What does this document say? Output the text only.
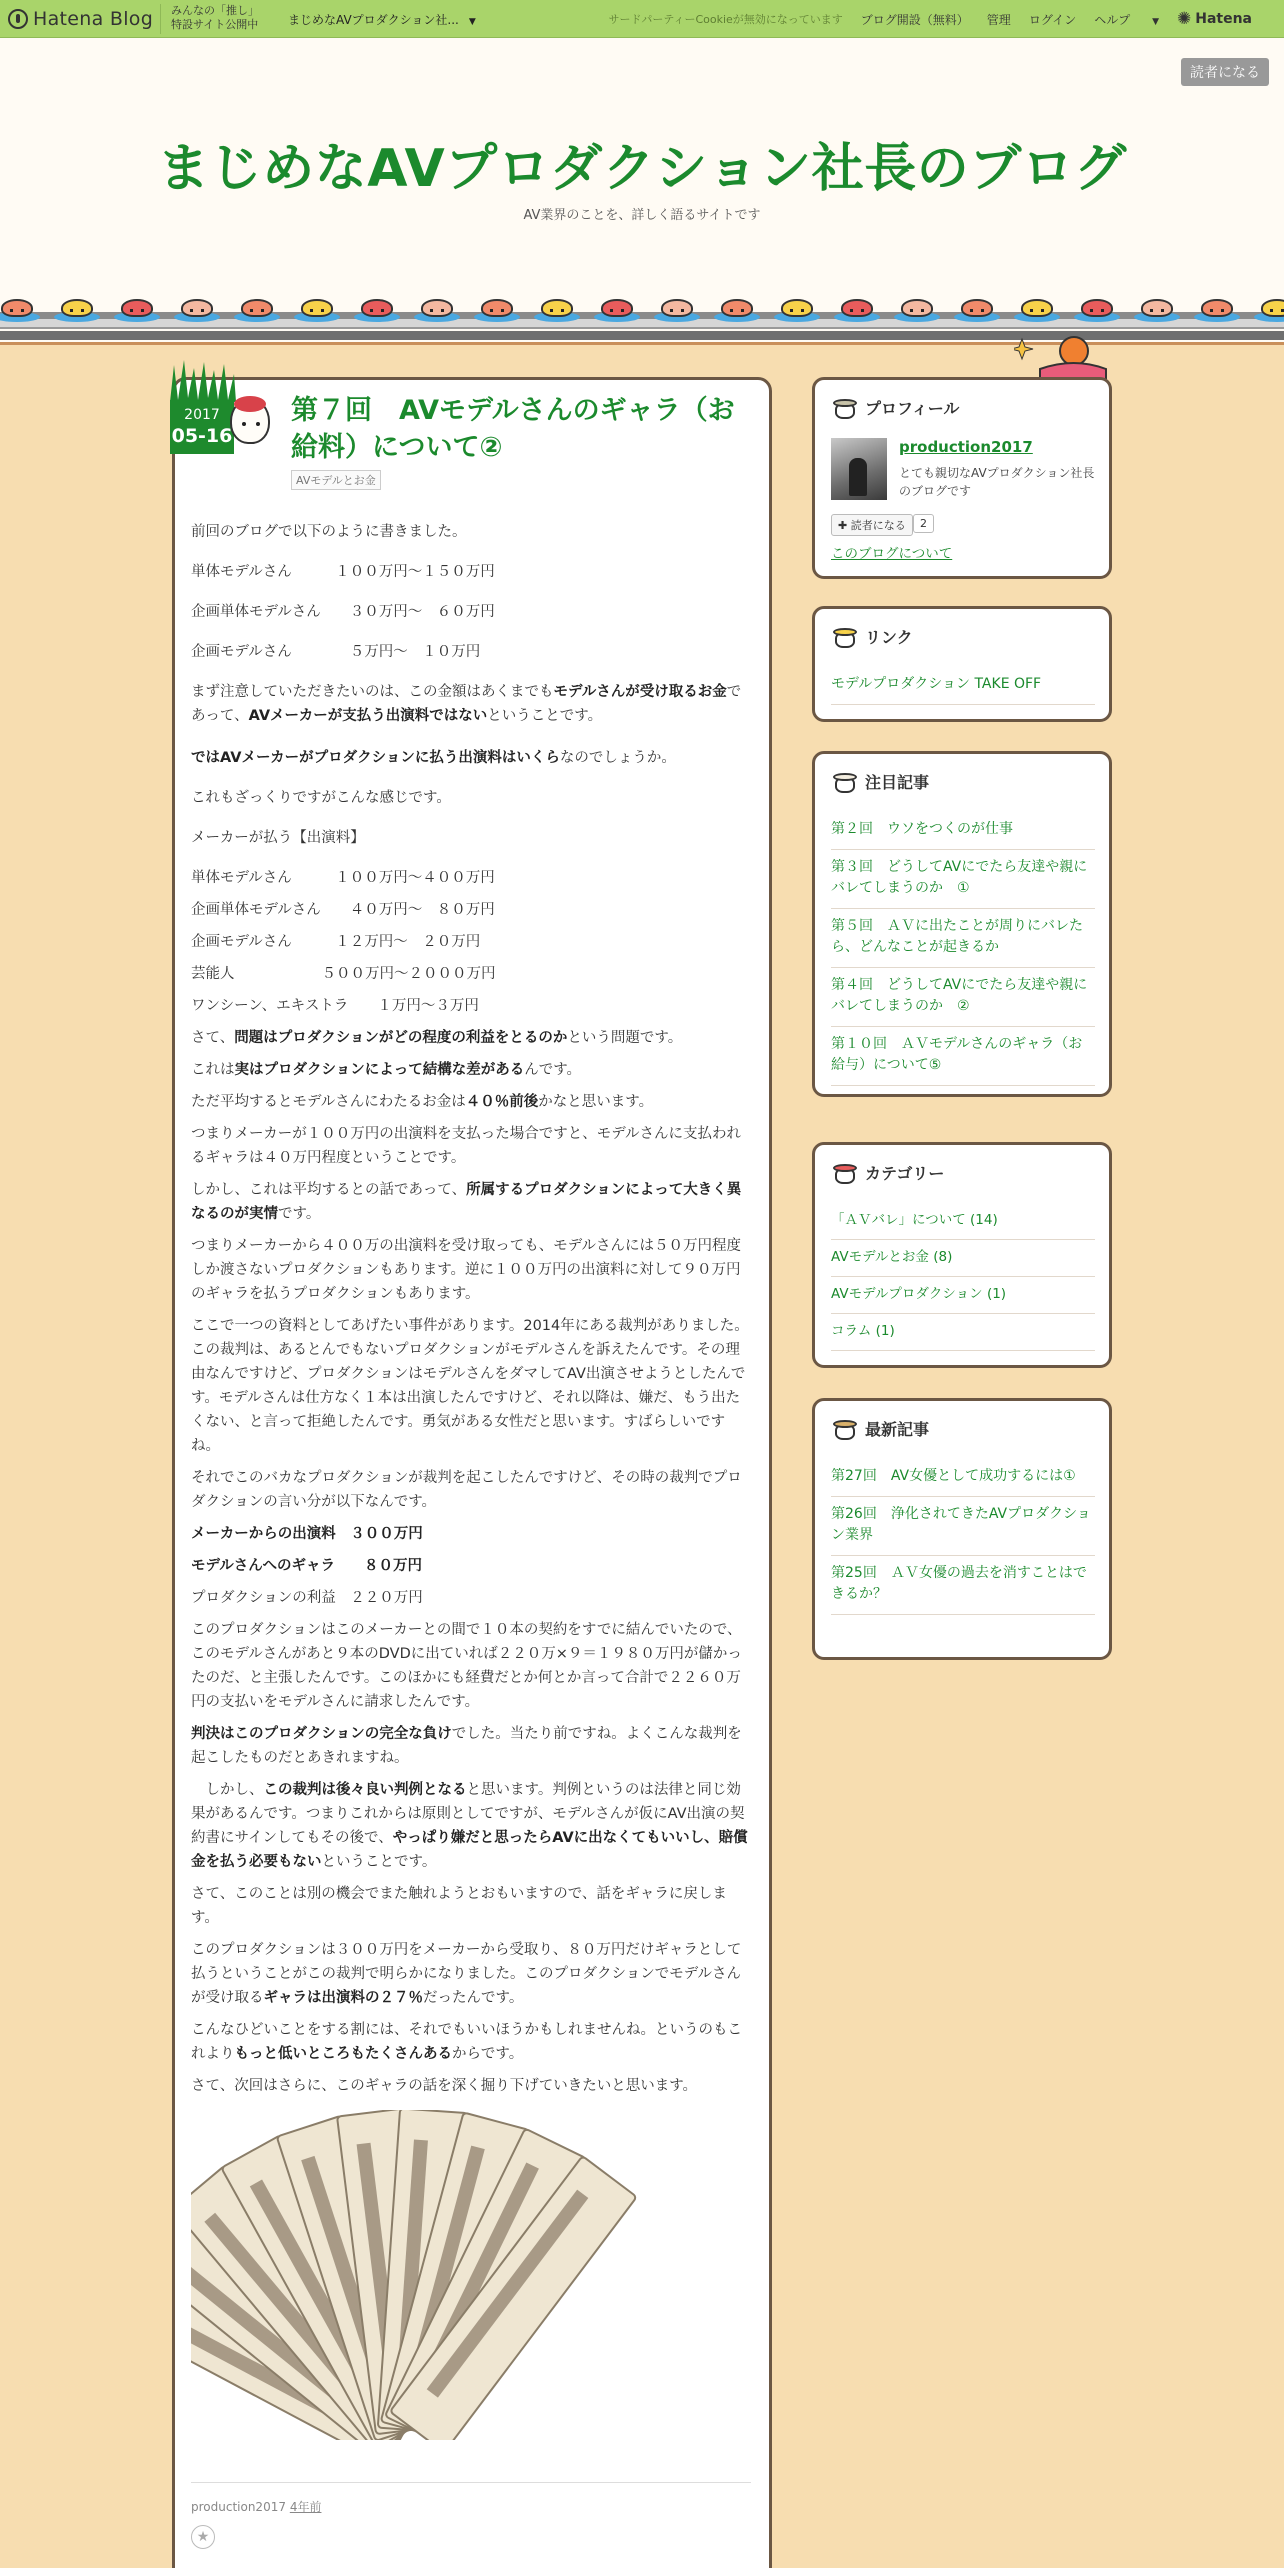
Hatena Blog みんなの「推し」
特設サイト公開中 まじめなAVプロダクション社... ▼	サードパーティーCookieが無効になっています ブログ開設（無料） 管理 ログイン ヘルプ ▼ ✺ Hatena
読者になる
まじめなAVプロダクション社長のブログ
AV業界のことを、詳しく語るサイトです
2017
05-16
第７回　AVモデルさんのギャラ（お給料）について②
AVモデルとお金
前回のブログで以下のように書きました。
単体モデルさん　　　１００万円～１５０万円
企画単体モデルさん　　３０万円～　６０万円
企画モデルさん　　　　５万円～　１０万円
まず注意していただきたいのは、この金額はあくまでもモデルさんが受け取るお金であって、AVメーカーが支払う出演料ではないということです。
ではAVメーカーがプロダクションに払う出演料はいくらなのでしょうか。
これもざっくりですがこんな感じです。
メーカーが払う【出演料】
単体モデルさん　　　１００万円～４００万円
企画単体モデルさん　　４０万円～　８０万円
企画モデルさん　　　１２万円～　２０万円
芸能人　　　　　　５００万円～２０００万円
ワンシーン、エキストラ　　１万円～３万円
さて、問題はプロダクションがどの程度の利益をとるのかという問題です。
これは実はプロダクションによって結構な差があるんです。
ただ平均するとモデルさんにわたるお金は４０％前後かなと思います。
つまりメーカーが１００万円の出演料を支払った場合ですと、モデルさんに支払われるギャラは４０万円程度ということです。
しかし、これは平均するとの話であって、所属するプロダクションによって大きく異なるのが実情です。
つまりメーカーから４００万の出演料を受け取っても、モデルさんには５０万円程度しか渡さないプロダクションもあります。逆に１００万円の出演料に対して９０万円のギャラを払うプロダクションもあります。
ここで一つの資料としてあげたい事件があります。2014年にある裁判がありました。この裁判は、あるとんでもないプロダクションがモデルさんを訴えたんです。その理由なんですけど、プロダクションはモデルさんをダマしてAV出演させようとしたんです。モデルさんは仕方なく１本は出演したんですけど、それ以降は、嫌だ、もう出たくない、と言って拒絶したんです。勇気がある女性だと思います。すばらしいですね。
それでこのバカなプロダクションが裁判を起こしたんですけど、その時の裁判でプロダクションの言い分が以下なんです。
メーカーからの出演料　３００万円
モデルさんへのギャラ　　８０万円
プロダクションの利益　２２０万円
このプロダクションはこのメーカーとの間で１０本の契約をすでに結んでいたので、このモデルさんがあと９本のDVDに出ていれば２２０万×９＝１９８０万円が儲かったのだ、と主張したんです。このほかにも経費だとか何とか言って合計で２２６０万円の支払いをモデルさんに請求したんです。
判決はこのプロダクションの完全な負けでした。当たり前ですね。よくこんな裁判を起こしたものだとあきれますね。
　しかし、この裁判は後々良い判例となると思います。判例というのは法律と同じ効果があるんです。つまりこれからは原則としてですが、モデルさんが仮にAV出演の契約書にサインしてもその後で、やっぱり嫌だと思ったらAVに出なくてもいいし、賠償金を払う必要もないということです。
さて、このことは別の機会でまた触れようとおもいますので、話をギャラに戻します。
このプロダクションは３００万円をメーカーから受取り、８０万円だけギャラとして払うということがこの裁判で明らかになりました。このプロダクションでモデルさんが受け取るギャラは出演料の２７％だったんです。
こんなひどいことをする割には、それでもいいほうかもしれませんね。というのもこれよりもっと低いところもたくさんあるからです。
さて、次回はさらに、このギャラの話を深く掘り下げていきたいと思います。
production2017 4年前
★
プロフィール
production2017
とても親切なAVプロダクション社長のブログです
✚ 読者になる	2
このブログについて
リンク
モデルプロダクション TAKE OFF
注目記事
第２回　ウソをつくのが仕事
第３回　どうしてAVにでたら友達や親にバレてしまうのか　①
第５回　ＡＶに出たことが周りにバレたら、どんなことが起きるか
第４回　どうしてAVにでたら友達や親にバレてしまうのか　②
第１０回　ＡＶモデルさんのギャラ（お給与）について⑤
カテゴリー
「ＡＶバレ」について (14)
AVモデルとお金 (8)
AVモデルプロダクション (1)
コラム (1)
最新記事
第27回　AV女優として成功するには①
第26回　浄化されてきたAVプロダクション業界
第25回　ＡＶ女優の過去を消すことはできるか？
